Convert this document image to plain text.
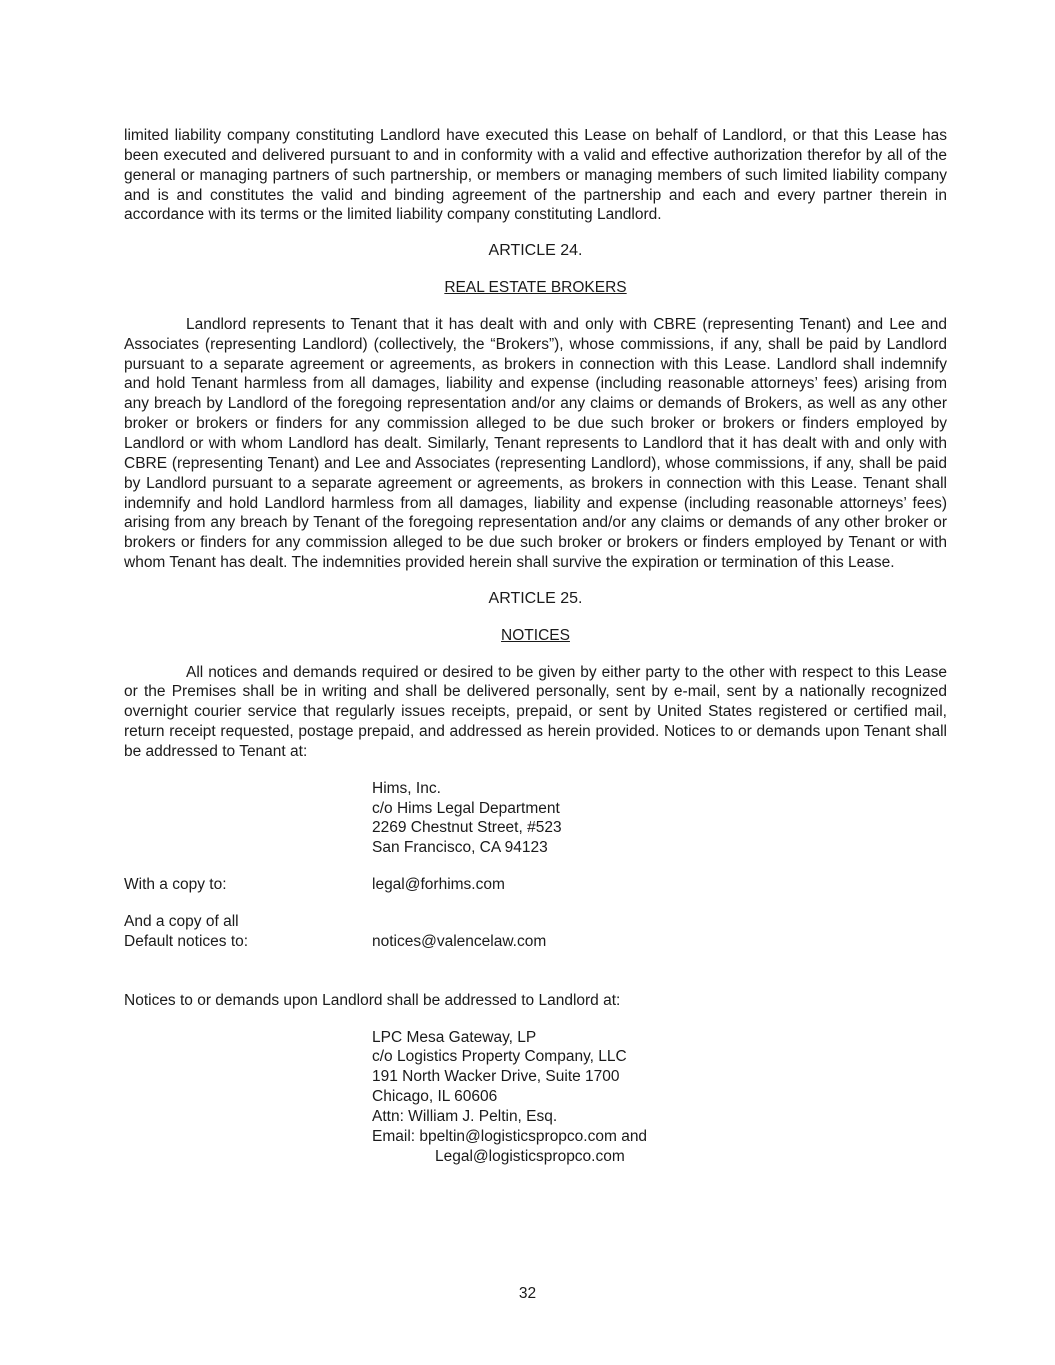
limited liability company constituting Landlord have executed this Lease on behalf of Landlord, or that this Lease has been executed and delivered pursuant to and in conformity with a valid and effective authorization therefor by all of the general or managing partners of such partnership, or members or managing members of such limited liability company and is and constitutes the valid and binding agreement of the partnership and each and every partner therein in accordance with its terms or the limited liability company constituting Landlord.

ARTICLE 24.

REAL ESTATE BROKERS

Landlord represents to Tenant that it has dealt with and only with CBRE (representing Tenant) and Lee and Associates (representing Landlord) (collectively, the “Brokers”), whose commissions, if any, shall be paid by Landlord pursuant to a separate agreement or agreements, as brokers in connection with this Lease. Landlord shall indemnify and hold Tenant harmless from all damages, liability and expense (including reasonable attorneys’ fees) arising from any breach by Landlord of the foregoing representation and/or any claims or demands of Brokers, as well as any other broker or brokers or finders for any commission alleged to be due such broker or brokers or finders employed by Landlord or with whom Landlord has dealt. Similarly, Tenant represents to Landlord that it has dealt with and only with CBRE (representing Tenant) and Lee and Associates (representing Landlord), whose commissions, if any, shall be paid by Landlord pursuant to a separate agreement or agreements, as brokers in connection with this Lease. Tenant shall indemnify and hold Landlord harmless from all damages, liability and expense (including reasonable attorneys’ fees) arising from any breach by Tenant of the foregoing representation and/or any claims or demands of any other broker or brokers or finders for any commission alleged to be due such broker or brokers or finders employed by Tenant or with whom Tenant has dealt. The indemnities provided herein shall survive the expiration or termination of this Lease.

ARTICLE 25.

NOTICES

All notices and demands required or desired to be given by either party to the other with respect to this Lease or the Premises shall be in writing and shall be delivered personally, sent by e-mail, sent by a nationally recognized overnight courier service that regularly issues receipts, prepaid, or sent by United States registered or certified mail, return receipt requested, postage prepaid, and addressed as herein provided. Notices to or demands upon Tenant shall be addressed to Tenant at:

Hims, Inc.
c/o Hims Legal Department
2269 Chestnut Street, #523
San Francisco, CA 94123
With a copy to:	legal@forhims.com
And a copy of all
Default notices to:
	notices@valencelaw.com

Notices to or demands upon Landlord shall be addressed to Landlord at:

LPC Mesa Gateway, LP
c/o Logistics Property Company, LLC
191 North Wacker Drive, Suite 1700
Chicago, IL 60606
Attn: William J. Peltin, Esq.
Email: bpeltin@logisticspropco.com and
Legal@logisticspropco.com
32
